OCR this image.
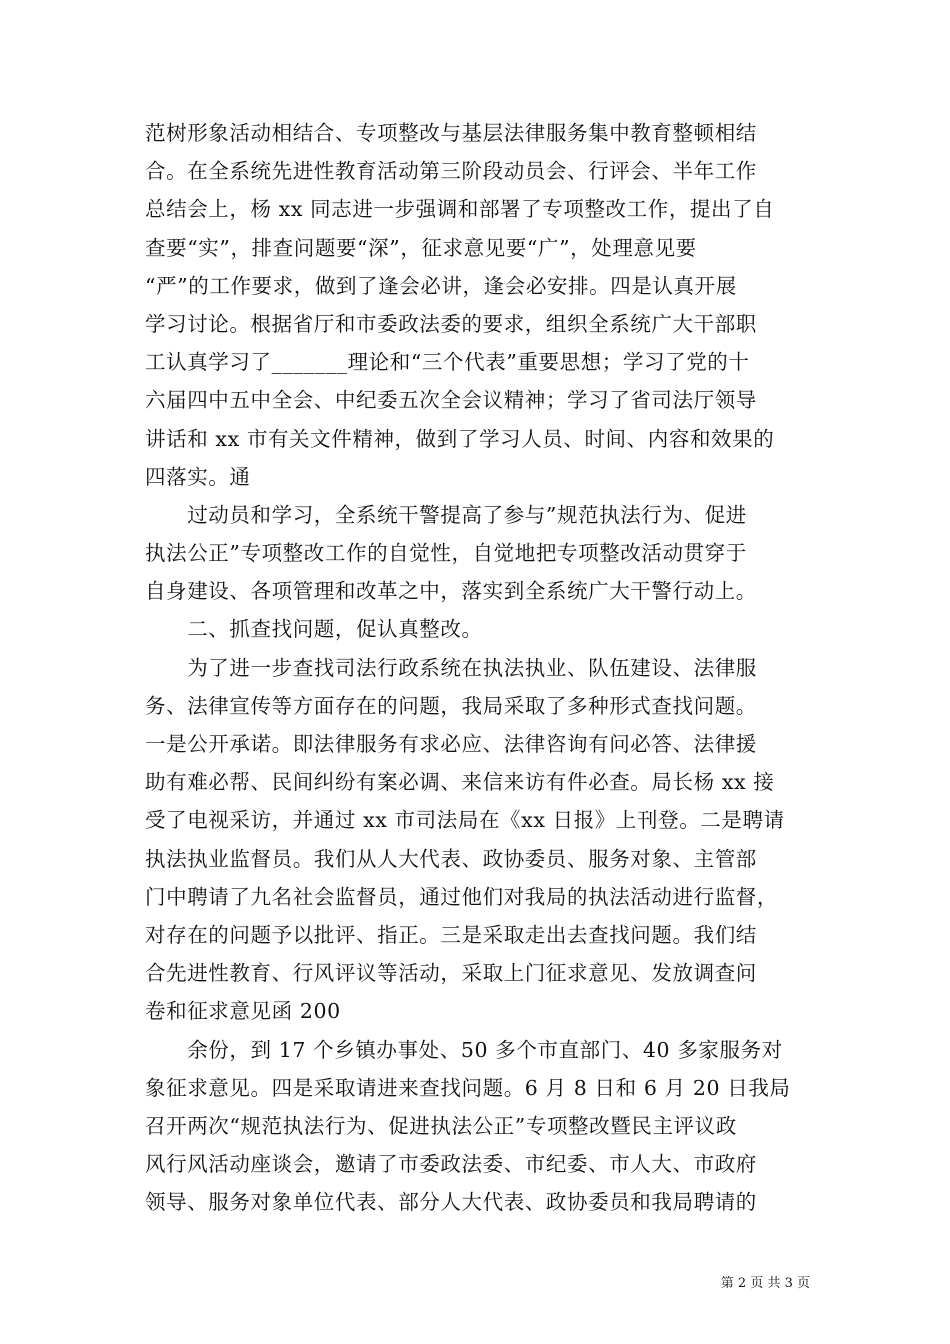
范树形象活动相结合、专项整改与基层法律服务集中教育整顿相结
合。在全系统先进性教育活动第三阶段动员会、行评会、半年工作
总结会上，杨 xx 同志进一步强调和部署了专项整改工作，提出了自
查要“实”，排查问题要“深”，征求意见要“广”，处理意见要
“严”的工作要求，做到了逢会必讲，逢会必安排。四是认真开展
学习讨论。根据省厅和市委政法委的要求，组织全系统广大干部职
工认真学习了_______理论和“三个代表”重要思想；学习了党的十
六届四中五中全会、中纪委五次全会议精神；学习了省司法厅领导
讲话和 xx 市有关文件精神，做到了学习人员、时间、内容和效果的
四落实。通
　　过动员和学习，全系统干警提高了参与”规范执法行为、促进
执法公正”专项整改工作的自觉性，自觉地把专项整改活动贯穿于
自身建设、各项管理和改革之中，落实到全系统广大干警行动上。
　　二、抓查找问题，促认真整改。
　　为了进一步查找司法行政系统在执法执业、队伍建设、法律服
务、法律宣传等方面存在的问题，我局采取了多种形式查找问题。
一是公开承诺。即法律服务有求必应、法律咨询有问必答、法律援
助有难必帮、民间纠纷有案必调、来信来访有件必查。局长杨 xx 接
受了电视采访，并通过 xx 市司法局在《xx 日报》上刊登。二是聘请
执法执业监督员。我们从人大代表、政协委员、服务对象、主管部
门中聘请了九名社会监督员，通过他们对我局的执法活动进行监督，
对存在的问题予以批评、指正。三是采取走出去查找问题。我们结
合先进性教育、行风评议等活动，采取上门征求意见、发放调查问
卷和征求意见函 200
　　余份，到 17 个乡镇办事处、50 多个市直部门、40 多家服务对
象征求意见。四是采取请进来查找问题。6 月 8 日和 6 月 20 日我局
召开两次“规范执法行为、促进执法公正”专项整改暨民主评议政
风行风活动座谈会，邀请了市委政法委、市纪委、市人大、市政府
领导、服务对象单位代表、部分人大代表、政协委员和我局聘请的
第 2 页 共 3 页
